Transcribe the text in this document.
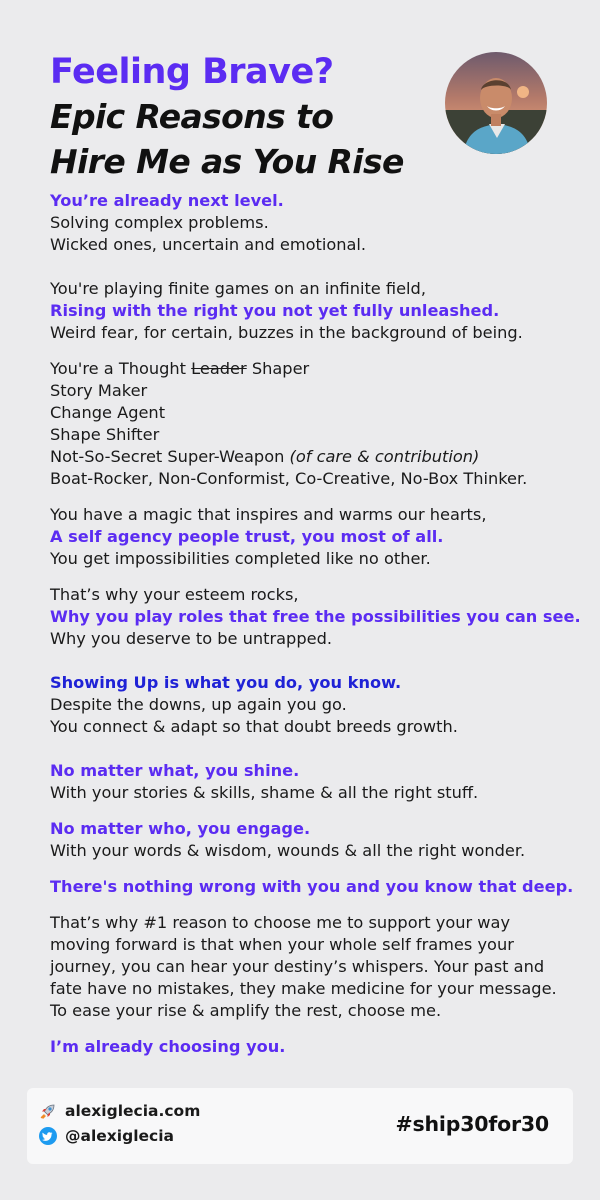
Feeling Brave?
Epic Reasons to
Hire Me as You Rise
You’re already next level.
Solving complex problems.
Wicked ones, uncertain and emotional.
You're playing finite games on an infinite field,
Rising with the right you not yet fully unleashed.
Weird fear, for certain, buzzes in the background of being.
You're a Thought Leader Shaper
Story Maker
Change Agent
Shape Shifter
Not-So-Secret Super-Weapon (of care & contribution)
Boat-Rocker, Non-Conformist, Co-Creative, No-Box Thinker.
You have a magic that inspires and warms our hearts,
A self agency people trust, you most of all.
You get impossibilities completed like no other.
That’s why your esteem rocks,
Why you play roles that free the possibilities you can see.
Why you deserve to be untrapped.
Showing Up is what you do, you know.
Despite the downs, up again you go.
You connect & adapt so that doubt breeds growth.
No matter what, you shine.
With your stories & skills, shame & all the right stuff.
No matter who, you engage.
With your words & wisdom, wounds & all the right wonder.
There's nothing wrong with you and you know that deep.
That’s why #1 reason to choose me to support your way
moving forward is that when your whole self frames your
journey, you can hear your destiny’s whispers. Your past and
fate have no mistakes, they make medicine for your message.
To ease your rise & amplify the rest, choose me.
I’m already choosing you.
alexiglecia.com
@alexiglecia	#ship30for30
